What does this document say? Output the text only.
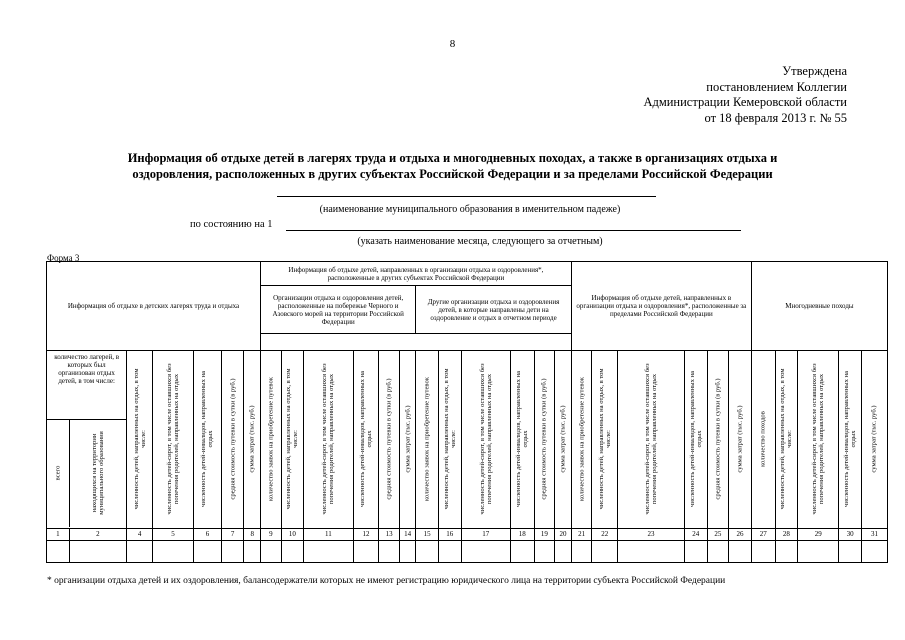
8
Утверждена
постановлением Коллегии
Администрации Кемеровской области
от 18 февраля 2013 г. № 55
Информация об отдыхе детей в лагерях труда и отдыха и многодневных походах, а также в организациях отдыха и
оздоровления, расположенных в других субъектах Российской Федерации и за пределами Российской Федерации
(наименование муниципального образования в именительном падеже)
по состоянию на 1
(указать наименование месяца, следующего за отчетным)
Форма 3
Информация об отдыхе в детских лагерях труда и отдыха	Информация об отдыхе детей, направленных в организации отдыха и оздоровления*, расположенные в других субъектах Российской Федерации	Информация об отдыхе детей, направленных в организации отдыха и оздоровления*, расположенные за пределами Российской Федерации	Многодневные походы
Организации отдыха и оздоровления детей, расположенные на побережье Черного и Азовского морей на территории Российской Федерации	Другие организации отдыха и оздоровления детей, в которые направлены дети на оздоровление и отдых в отчетном периоде

количество лагерей, в которых был организован отдых детей, в том числе:
всего	находящихся на территории муниципального образования
		численность детей, направленных на отдых, в том числе:	численность детей-сирот, в том числе оставшихся без попечения родителей, направленных на отдых	численность детей-инвалидов, направленных на отдых	средняя стоимость путевки в сутки (в руб.)	сумма затрат (тыс. руб.)	количество заявок на приобретение путевок	численность детей, направленных на отдых, в том числе:	численность детей-сирот, в том числе оставшихся без попечения родителей, направленных на отдых	численность детей-инвалидов, направленных на отдых	средняя стоимость путевки в сутки (в руб.)	сумма затрат (тыс. руб.)	количество заявок на приобретение путевок	численность детей, направленных на отдых, в том числе:	численность детей-сирот, в том числе оставшихся без попечения родителей, направленных на отдых	численность детей-инвалидов, направленных на отдых	средняя стоимость путевки в сутки (в руб.)	сумма затрат (тыс. руб.)	количество заявок на приобретение путевок	численность детей, направленных на отдых, в том числе:	численность детей-сирот, в том числе оставшихся без попечения родителей, направленных на отдых	численность детей-инвалидов, направленных на отдых	средняя стоимость путевки в сутки (в руб.)	сумма затрат (тыс. руб.)	количество походов	численность детей, направленных на отдых, в том числе:	численность детей-сирот, в том числе оставшихся без попечения родителей, направленных на отдых	численность детей-инвалидов, направленных на отдых	сумма затрат (тыс. руб.)

1	2	4	5	6	7	8	9	10	11	12	13	14	15	16	17	18	19	20	21	22	23	24	25	26	27	28	29	30	31

* организации отдыха детей и их оздоровления, балансодержатели которых не имеют регистрацию юридического лица на территории субъекта Российской Федерации
